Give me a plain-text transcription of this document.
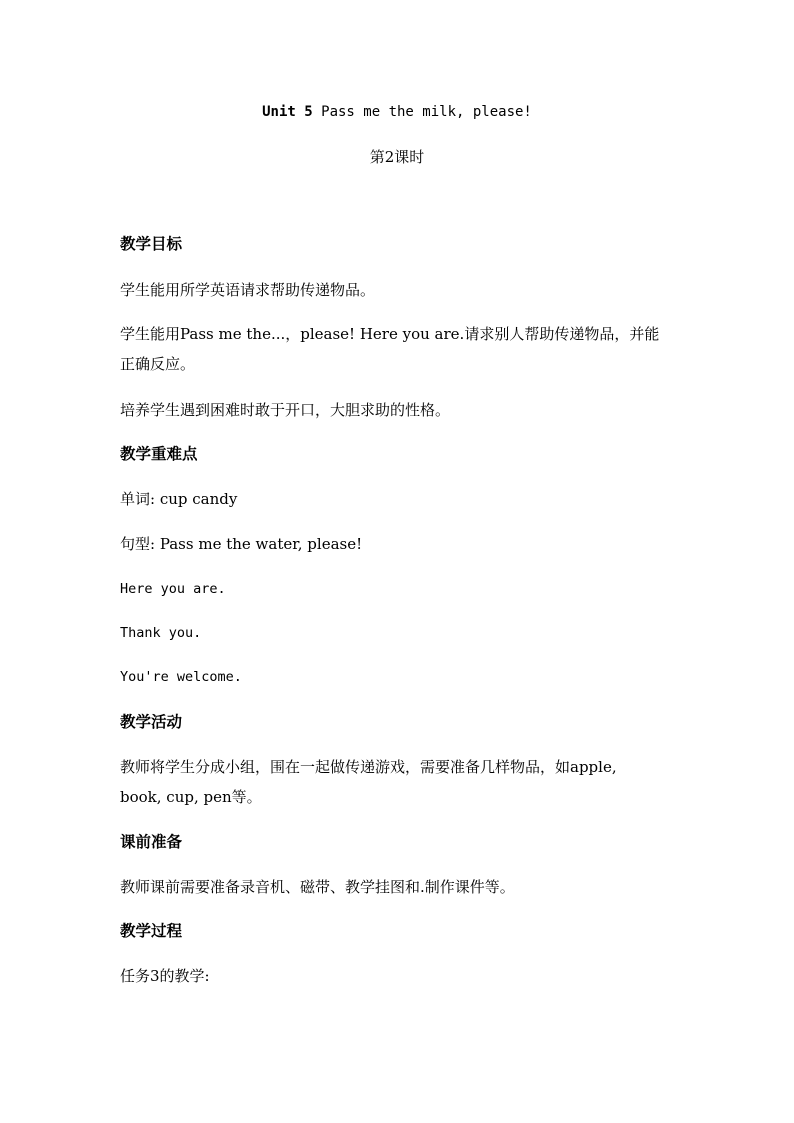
Unit 5 Pass me the milk, please!
第2课时
教学目标
学生能用所学英语请求帮助传递物品。
学生能用Pass me the...，please! Here you are.请求别人帮助传递物品，并能
正确反应。
培养学生遇到困难时敢于开口，大胆求助的性格。
教学重难点
单词: cup candy
句型: Pass me the water, please!
Here you are.
Thank you.
You're welcome.
教学活动
教师将学生分成小组，围在一起做传递游戏，需要准备几样物品，如apple,
book, cup, pen等。
课前准备
教师课前需要准备录音机、磁带、教学挂图和.制作课件等。
教学过程
任务3的教学:
